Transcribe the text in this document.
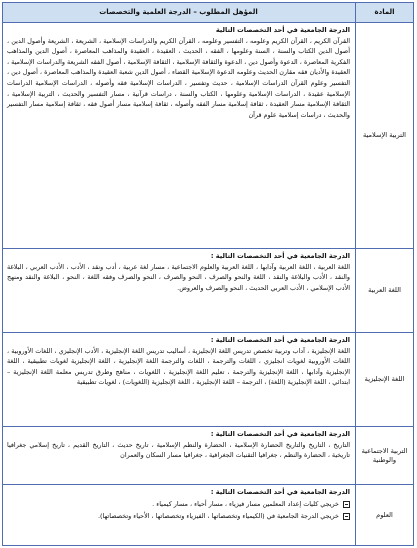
المادة
المؤهل المطلوب – الدرجة العلمية والتخصصات
التربية الإسلامية
الدرجة الجامعية في أحد التخصصات التالية
القرآن الكريم ، القرآن الكريم وعلومه ، التفسير وعلومه ، القرآن الكريم والدراسات الإسلامية ، الشريعة ، الشريعة وأصول الدين ، أصول الدين الكتاب والسنة ، السنة وعلومها ، الفقه ، الحديث ، العقيدة ، العقيدة والمذاهب المعاصرة ، أصول الدين والمذاهب الفكرية المعاصرة ، الدعوة وأصول دين ، الدعوة والثقافة الإسلامية ، الثقافة الإسلامية ، أصول الفقه الشريعة والدراسات الإسلامية ، العقيدة والأديان فقه مقارن الحديث وعلومه الدعوة الإسلامية القضاء ، أصول الدين شعبة العقيدة والمذاهب المعاصرة ، أصول دين ، التفسير وعلوم القرآن الدراسات الإسلامية ، حديث وتفسير ، الدراسات الإسلامية فقه وأصوله ، الدراسات الإسلامية الدراسات الإسلامية عقيدة ، الدراسات الإسلامية وعلومها ، الكتاب والسنة ، دراسات قرآنية ، مسار التفسير والحديث ، التربية الإسلامية ، الثقافة الإسلامية مسار العقيدة ، ثقافة إسلامية مسار الفقه وأصوله ، ثقافة إسلامية مسار أصول فقه ، ثقافة إسلامية مسار التفسير والحديث ، دراسات إسلامية علوم قرآن
اللغة العربية
الدرجة الجامعية في أحد التخصصات التالية :
اللغة العربية ، اللغة العربية وآدابها ، اللغة العربية والعلوم الاجتماعية ، مسار لغة عربية ، أدب ونقد ، الأدب ، الأدب العربي ، البلاغة والنقد ، الأدب والبلاغة والنقد ، اللغة والنحو والصرف ، النحو والصرف ، النحو والصرف وفقه اللغة ، النحو ، البلاغة والنقد ومنهج الأدب الإسلامي ، الأدب العربي الحديث ، النحو والصرف والعروض.
اللغة الإنجليزية
الدرجة الجامعية في أحد التخصصات التالية :
اللغة الإنجليزية ، آداب وتربية تخصص تدريس اللغة الإنجليزية ، أساليب تدريس اللغة الإنجليزية ، الأدب الإنجليزي ، اللغات الأوروبية ، اللغات الأوروبية لغويات انجليزي ، اللغات والترجمة ، اللغات والترجمة اللغة الإنجليزية ، اللغة الإنجليزية لغويات تطبيقية ، اللغة الإنجليزية وآدابها ، اللغة الإنجليزية والترجمة ، تعليم اللغة الإنجليزية ، اللغويات ، مناهج وطرق تدريس معلمة اللغة الإنجليزية – ابتدائي ، اللغة الإنجليزية (اللغة) ، الترجمة – اللغة الإنجليزية ، اللغة الإنجليزية (اللغويات) ، لغويات تطبيقية
التربية الاجتماعية والوطنية
الدرجة الجامعية في أحد التخصصات التالية :
التاريخ ، التاريخ والتاريخ الحضارة الإسلامية ، الحضارة والنظم الإسلامية ، تاريخ حديث ، التاريخ القديم ، تاريخ إسلامي جغرافيا تاريخية ، الحضارة والنظم ، جغرافيا التقنيات الجغرافية ، جغرافيا مسار السكان والعمران
العلوم
الدرجة الجامعية في أحد التخصصات التالية :
خريجي كليات إعداد المعلمين مسار فيزياء ، مسار أحياء ، مسار كيمياء .
خريجي الدرجة الجامعية في (الكيمياء وتخصصاتها ، الفيزياء وتخصصاتها ، الأحياء وتخصصاتها).
